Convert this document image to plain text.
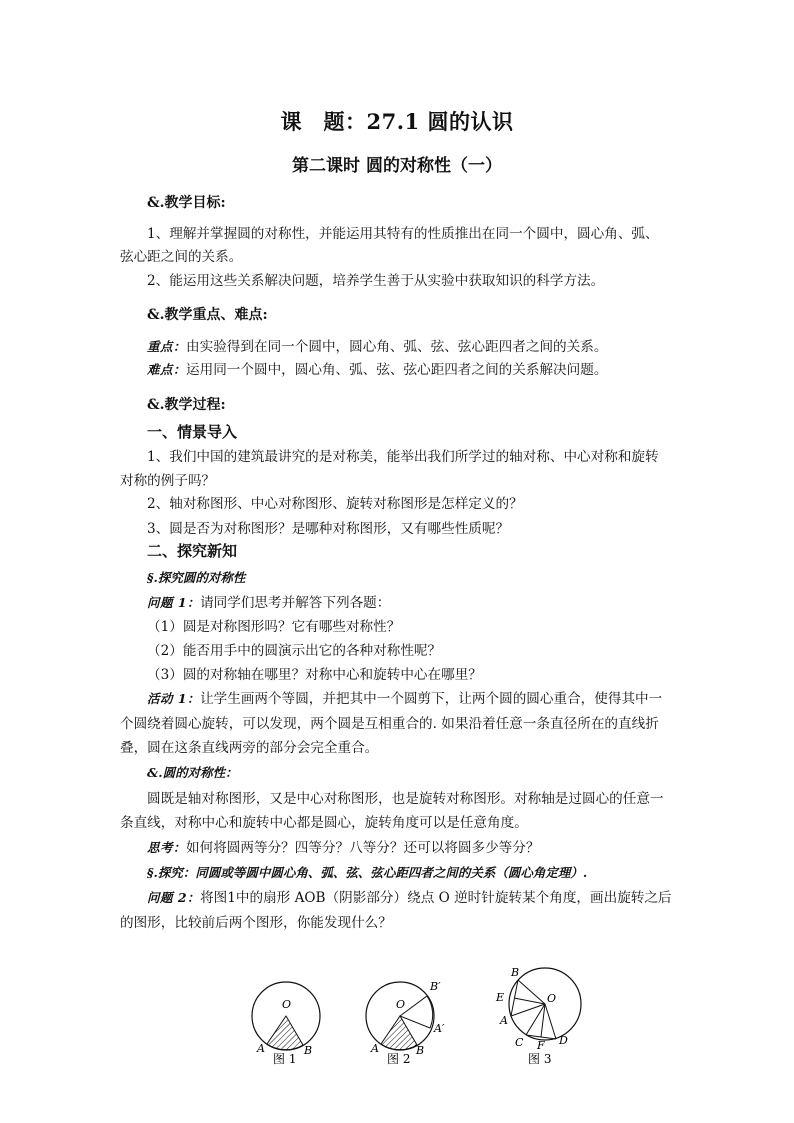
课　题：27.1 圆的认识
第二课时 圆的对称性（一）
&.教学目标:
1、理解并掌握圆的对称性，并能运用其特有的性质推出在同一个圆中，圆心角、弧、
弦心距之间的关系。
2、能运用这些关系解决问题，培养学生善于从实验中获取知识的科学方法。
&.教学重点、难点:
重点：由实验得到在同一个圆中，圆心角、弧、弦、弦心距四者之间的关系。
难点：运用同一个圆中，圆心角、弧、弦、弦心距四者之间的关系解决问题。
&.教学过程:
一、情景导入
1、我们中国的建筑最讲究的是对称美，能举出我们所学过的轴对称、中心对称和旋转
对称的例子吗？
2、轴对称图形、中心对称图形、旋转对称图形是怎样定义的？
3、圆是否为对称图形？是哪种对称图形，又有哪些性质呢？
二、探究新知
§.探究圆的对称性
问题 1：请同学们思考并解答下列各题：
（1）圆是对称图形吗？它有哪些对称性？
（2）能否用手中的圆演示出它的各种对称性呢？
（3）圆的对称轴在哪里？对称中心和旋转中心在哪里？
活动 1：让学生画两个等圆，并把其中一个圆剪下，让两个圆的圆心重合，使得其中一
个圆绕着圆心旋转，可以发现，两个圆是互相重合的. 如果沿着任意一条直径所在的直线折
叠，圆在这条直线两旁的部分会完全重合。
&.圆的对称性：
圆既是轴对称图形，又是中心对称图形，也是旋转对称图形。对称轴是过圆心的任意一
条直线，对称中心和旋转中心都是圆心，旋转角度可以是任意角度。
思考：如何将圆两等分？四等分？八等分？还可以将圆多少等分？
§.探究：同圆或等圆中圆心角、弧、弦、弦心距四者之间的关系（圆心角定理）.
问题 2：将图1中的扇形 AOB（阴影部分）绕点 O 逆时针旋转某个角度，画出旋转之后
的图形，比较前后两个图形，你能发现什么？
O
A	B
图 1
O
A	B
B′
A′
图 2
O
B
E
A
C F D
图 3
